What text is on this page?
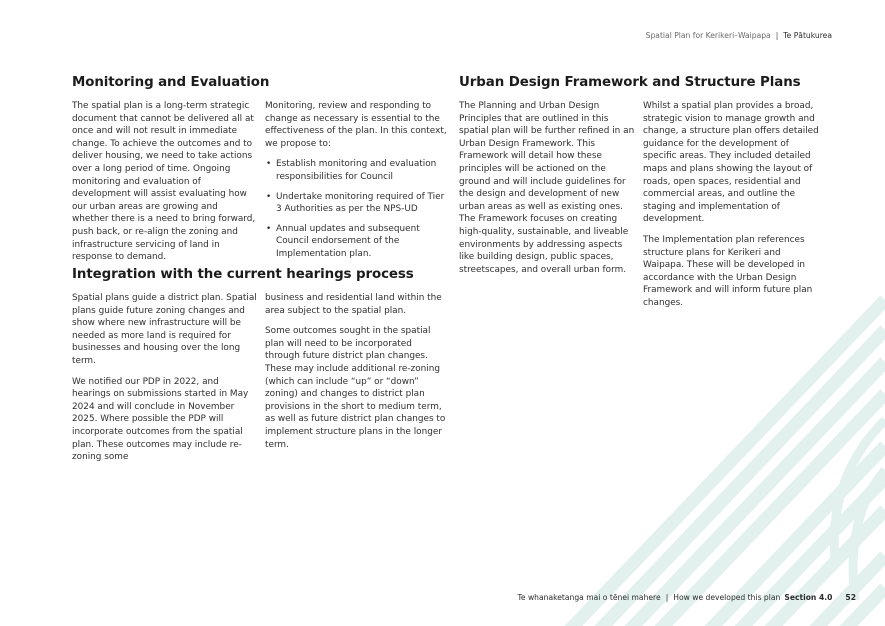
Spatial Plan for Kerikeri–Waipapa | Te Pātukurea
Monitoring and Evaluation

The spatial plan is a long-term strategic document that cannot be delivered all at once and will not result in immediate change. To achieve the outcomes and to deliver housing, we need to take actions over a long period of time. Ongoing monitoring and evaluation of development will assist evaluating how our urban areas are growing and whether there is a need to bring forward, push back, or re-align the zoning and infrastructure servicing of land in response to demand.

Monitoring, review and responding to change as necessary is essential to the effectiveness of the plan. In this context, we propose to:

• Establish monitoring and evaluation responsibilities for Council
• Undertake monitoring required of Tier 3 Authorities as per the NPS-UD
• Annual updates and subsequent Council endorsement of the Implementation plan.
Integration with the current hearings process

Spatial plans guide a district plan. Spatial plans guide future zoning changes and show where new infrastructure will be needed as more land is required for businesses and housing over the long term.

We notified our PDP in 2022, and hearings on submissions started in May 2024 and will conclude in November 2025. Where possible the PDP will incorporate outcomes from the spatial plan. These outcomes may include re-zoning some

business and residential land within the area subject to the spatial plan.

Some outcomes sought in the spatial plan will need to be incorporated through future district plan changes. These may include additional re-zoning (which can include “up” or “down” zoning) and changes to district plan provisions in the short to medium term, as well as future district plan changes to implement structure plans in the longer term.

Urban Design Framework and Structure Plans

The Planning and Urban Design Principles that are outlined in this spatial plan will be further refined in an Urban Design Framework. This Framework will detail how these principles will be actioned on the ground and will include guidelines for the design and development of new urban areas as well as existing ones. The Framework focuses on creating high-quality, sustainable, and liveable environments by addressing aspects like building design, public spaces, streetscapes, and overall urban form.

Whilst a spatial plan provides a broad, strategic vision to manage growth and change, a structure plan offers detailed guidance for the development of specific areas. They included detailed maps and plans showing the layout of roads, open spaces, residential and commercial areas, and outline the staging and implementation of development.

The Implementation plan references structure plans for Kerikeri and Waipapa. These will be developed in accordance with the Urban Design Framework and will inform future plan changes.

Te whanaketanga mai o tēnei mahere | How we developed this plan Section 4.0 52
